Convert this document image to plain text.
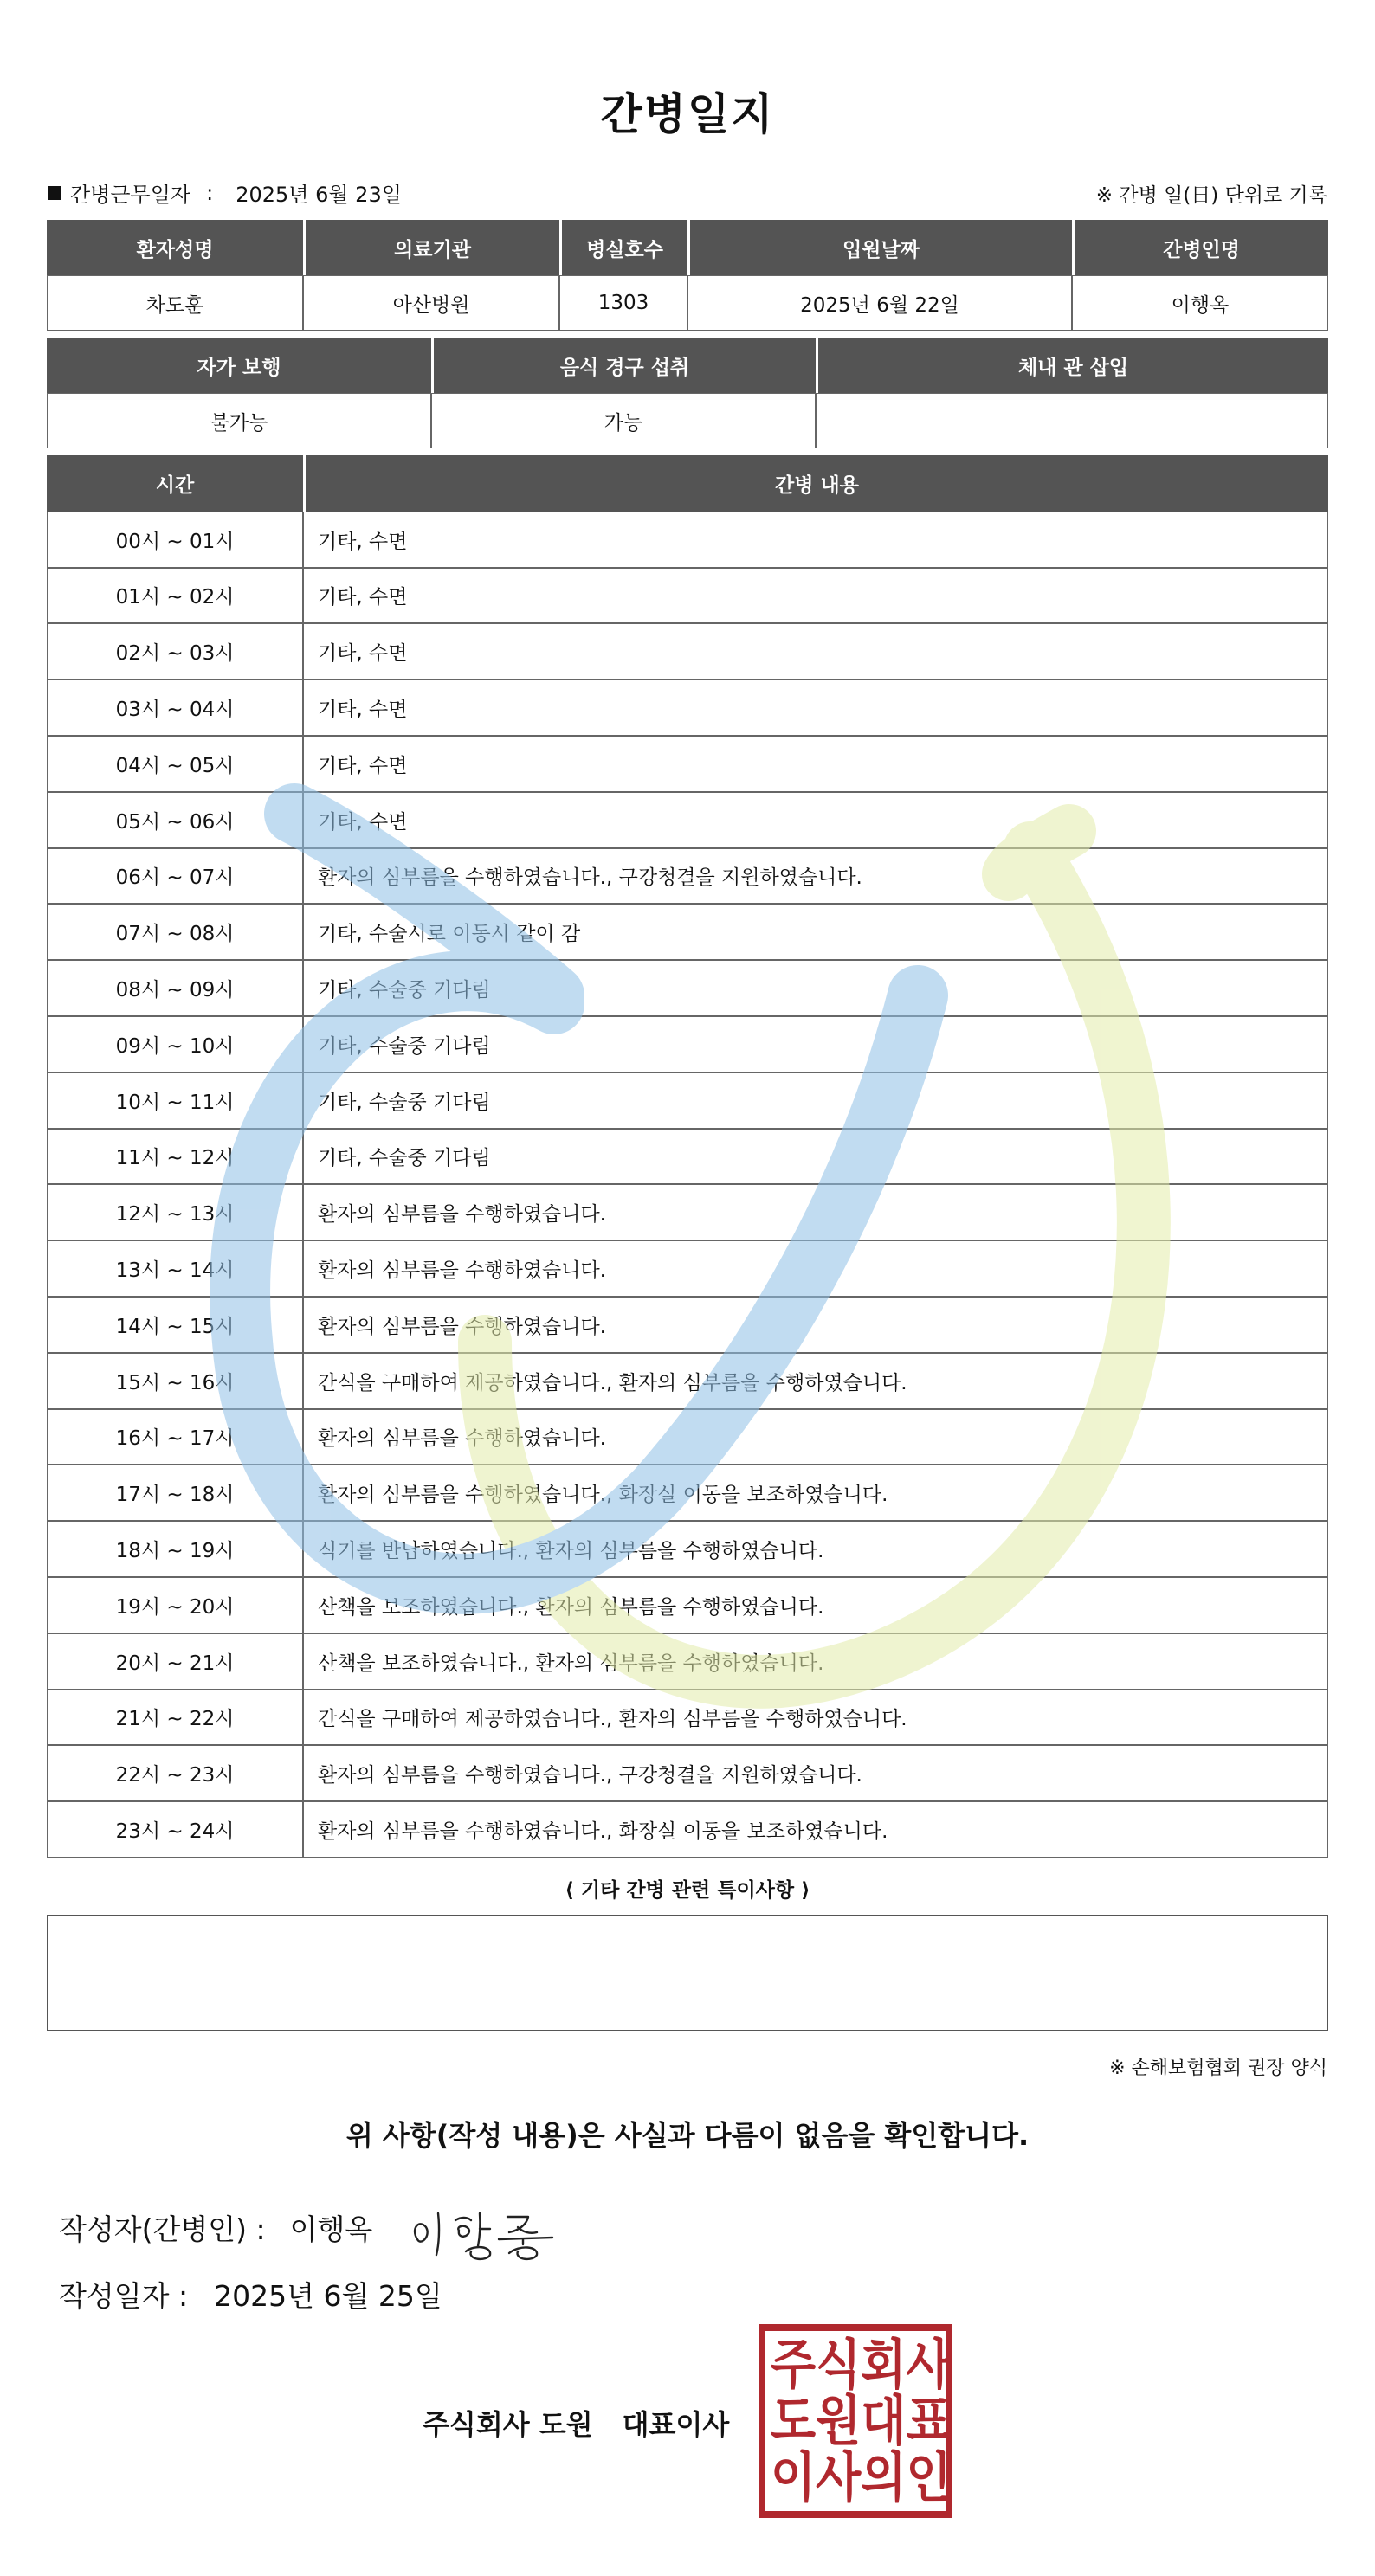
간병일지
간병근무일자 : 2025년 6월 23일	※ 간병 일(日) 단위로 기록
환자성명	의료기관	병실호수	입원날짜	간병인명
차도훈	아산병원	1303	2025년 6월 22일	이행옥
자가 보행	음식 경구 섭취	체내 관 삽입
불가능	가능	
시간	간병 내용
00시 ~ 01시	기타, 수면
01시 ~ 02시	기타, 수면
02시 ~ 03시	기타, 수면
03시 ~ 04시	기타, 수면
04시 ~ 05시	기타, 수면
05시 ~ 06시	기타, 수면
06시 ~ 07시	환자의 심부름을 수행하였습니다., 구강청결을 지원하였습니다.
07시 ~ 08시	기타, 수술시로 이동시 같이 감
08시 ~ 09시	기타, 수술중 기다림
09시 ~ 10시	기타, 수술중 기다림
10시 ~ 11시	기타, 수술중 기다림
11시 ~ 12시	기타, 수술중 기다림
12시 ~ 13시	환자의 심부름을 수행하였습니다.
13시 ~ 14시	환자의 심부름을 수행하였습니다.
14시 ~ 15시	환자의 심부름을 수행하였습니다.
15시 ~ 16시	간식을 구매하여 제공하였습니다., 환자의 심부름을 수행하였습니다.
16시 ~ 17시	환자의 심부름을 수행하였습니다.
17시 ~ 18시	환자의 심부름을 수행하였습니다., 화장실 이동을 보조하였습니다.
18시 ~ 19시	식기를 반납하였습니다., 환자의 심부름을 수행하였습니다.
19시 ~ 20시	산책을 보조하였습니다., 환자의 심부름을 수행하였습니다.
20시 ~ 21시	산책을 보조하였습니다., 환자의 심부름을 수행하였습니다.
21시 ~ 22시	간식을 구매하여 제공하였습니다., 환자의 심부름을 수행하였습니다.
22시 ~ 23시	환자의 심부름을 수행하였습니다., 구강청결을 지원하였습니다.
23시 ~ 24시	환자의 심부름을 수행하였습니다., 화장실 이동을 보조하였습니다.
⟨ 기타 간병 관련 특이사항 ⟩
※ 손해보험협회 권장 양식
위 사항(작성 내용)은 사실과 다름이 없음을 확인합니다.
작성자(간병인) : 이행옥
작성일자 : 2025년 6월 25일
주식회사 도원 대표이사
주 식 회 사
도 원 대 표
이 사 의 인
